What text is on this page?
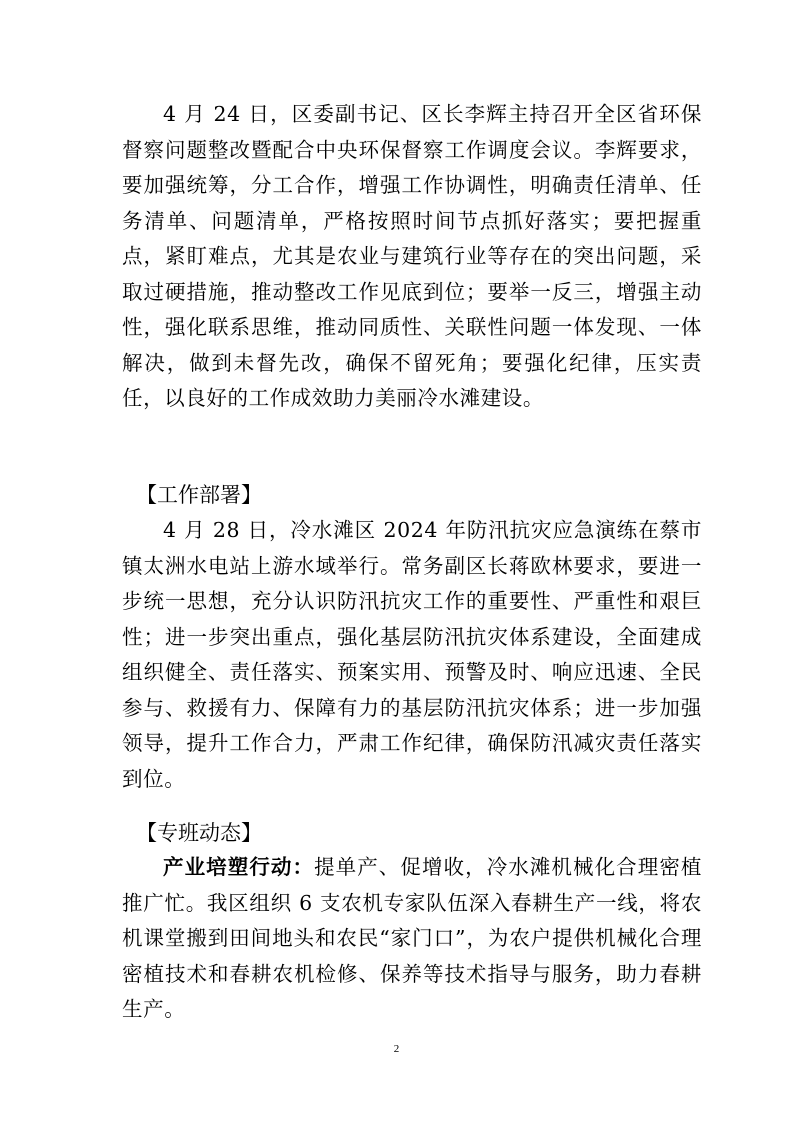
4 月 24 日，区委副书记、区长李辉主持召开全区省环保督察问题整改暨配合中央环保督察工作调度会议。李辉要求，要加强统筹，分工合作，增强工作协调性，明确责任清单、任务清单、问题清单，严格按照时间节点抓好落实；要把握重点，紧盯难点，尤其是农业与建筑行业等存在的突出问题，采取过硬措施，推动整改工作见底到位；要举一反三，增强主动性，强化联系思维，推动同质性、关联性问题一体发现、一体解决，做到未督先改，确保不留死角；要强化纪律，压实责任，以良好的工作成效助力美丽冷水滩建设。

【工作部署】

4 月 28 日，冷水滩区 2024 年防汛抗灾应急演练在蔡市镇太洲水电站上游水域举行。常务副区长蒋欧林要求，要进一步统一思想，充分认识防汛抗灾工作的重要性、严重性和艰巨性；进一步突出重点，强化基层防汛抗灾体系建设，全面建成组织健全、责任落实、预案实用、预警及时、响应迅速、全民参与、救援有力、保障有力的基层防汛抗灾体系；进一步加强领导，提升工作合力，严肃工作纪律，确保防汛减灾责任落实到位。

【专班动态】

产业培塑行动：提单产、促增收，冷水滩机械化合理密植推广忙。我区组织 6 支农机专家队伍深入春耕生产一线，将农机课堂搬到田间地头和农民“家门口”，为农户提供机械化合理密植技术和春耕农机检修、保养等技术指导与服务，助力春耕生产。

2
